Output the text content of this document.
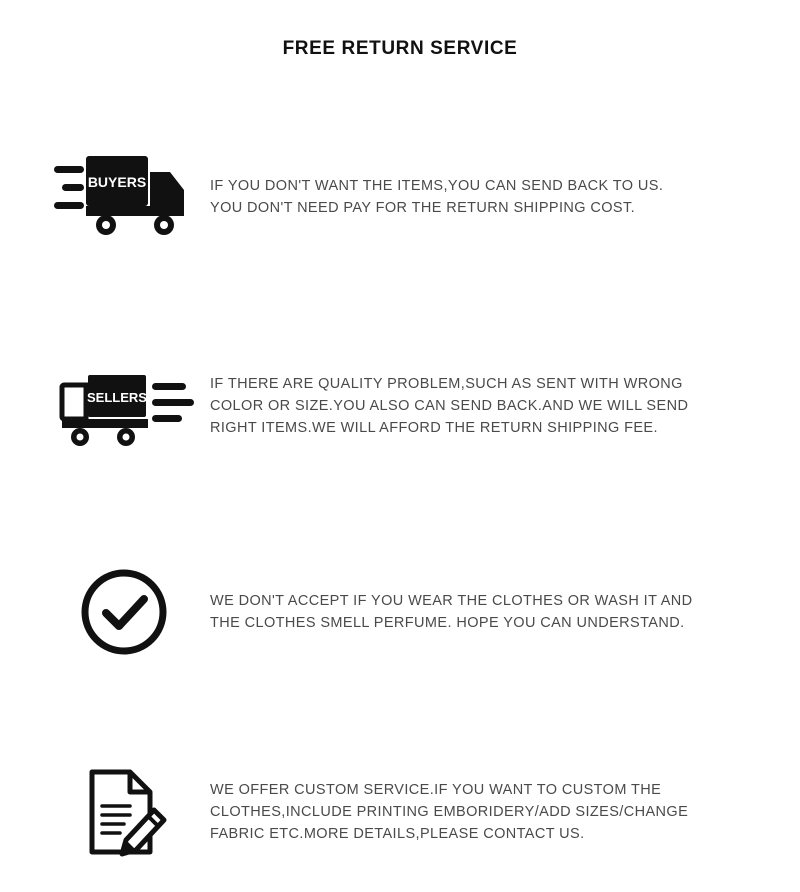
FREE RETURN SERVICE
BUYERS	IF YOU DON'T WANT THE ITEMS,YOU CAN SEND BACK TO US.
YOU DON'T NEED PAY FOR THE RETURN SHIPPING COST.
SELLERS
IF THERE ARE QUALITY PROBLEM,SUCH AS SENT WITH WRONG
COLOR OR SIZE.YOU ALSO CAN SEND BACK.AND WE WILL SEND
RIGHT ITEMS.WE WILL AFFORD THE RETURN SHIPPING FEE.
WE DON'T ACCEPT IF YOU WEAR THE CLOTHES OR WASH IT AND
THE CLOTHES SMELL PERFUME. HOPE YOU CAN UNDERSTAND.
WE OFFER CUSTOM SERVICE.IF YOU WANT TO CUSTOM THE
CLOTHES,INCLUDE PRINTING EMBORIDERY/ADD SIZES/CHANGE
FABRIC ETC.MORE DETAILS,PLEASE CONTACT US.
